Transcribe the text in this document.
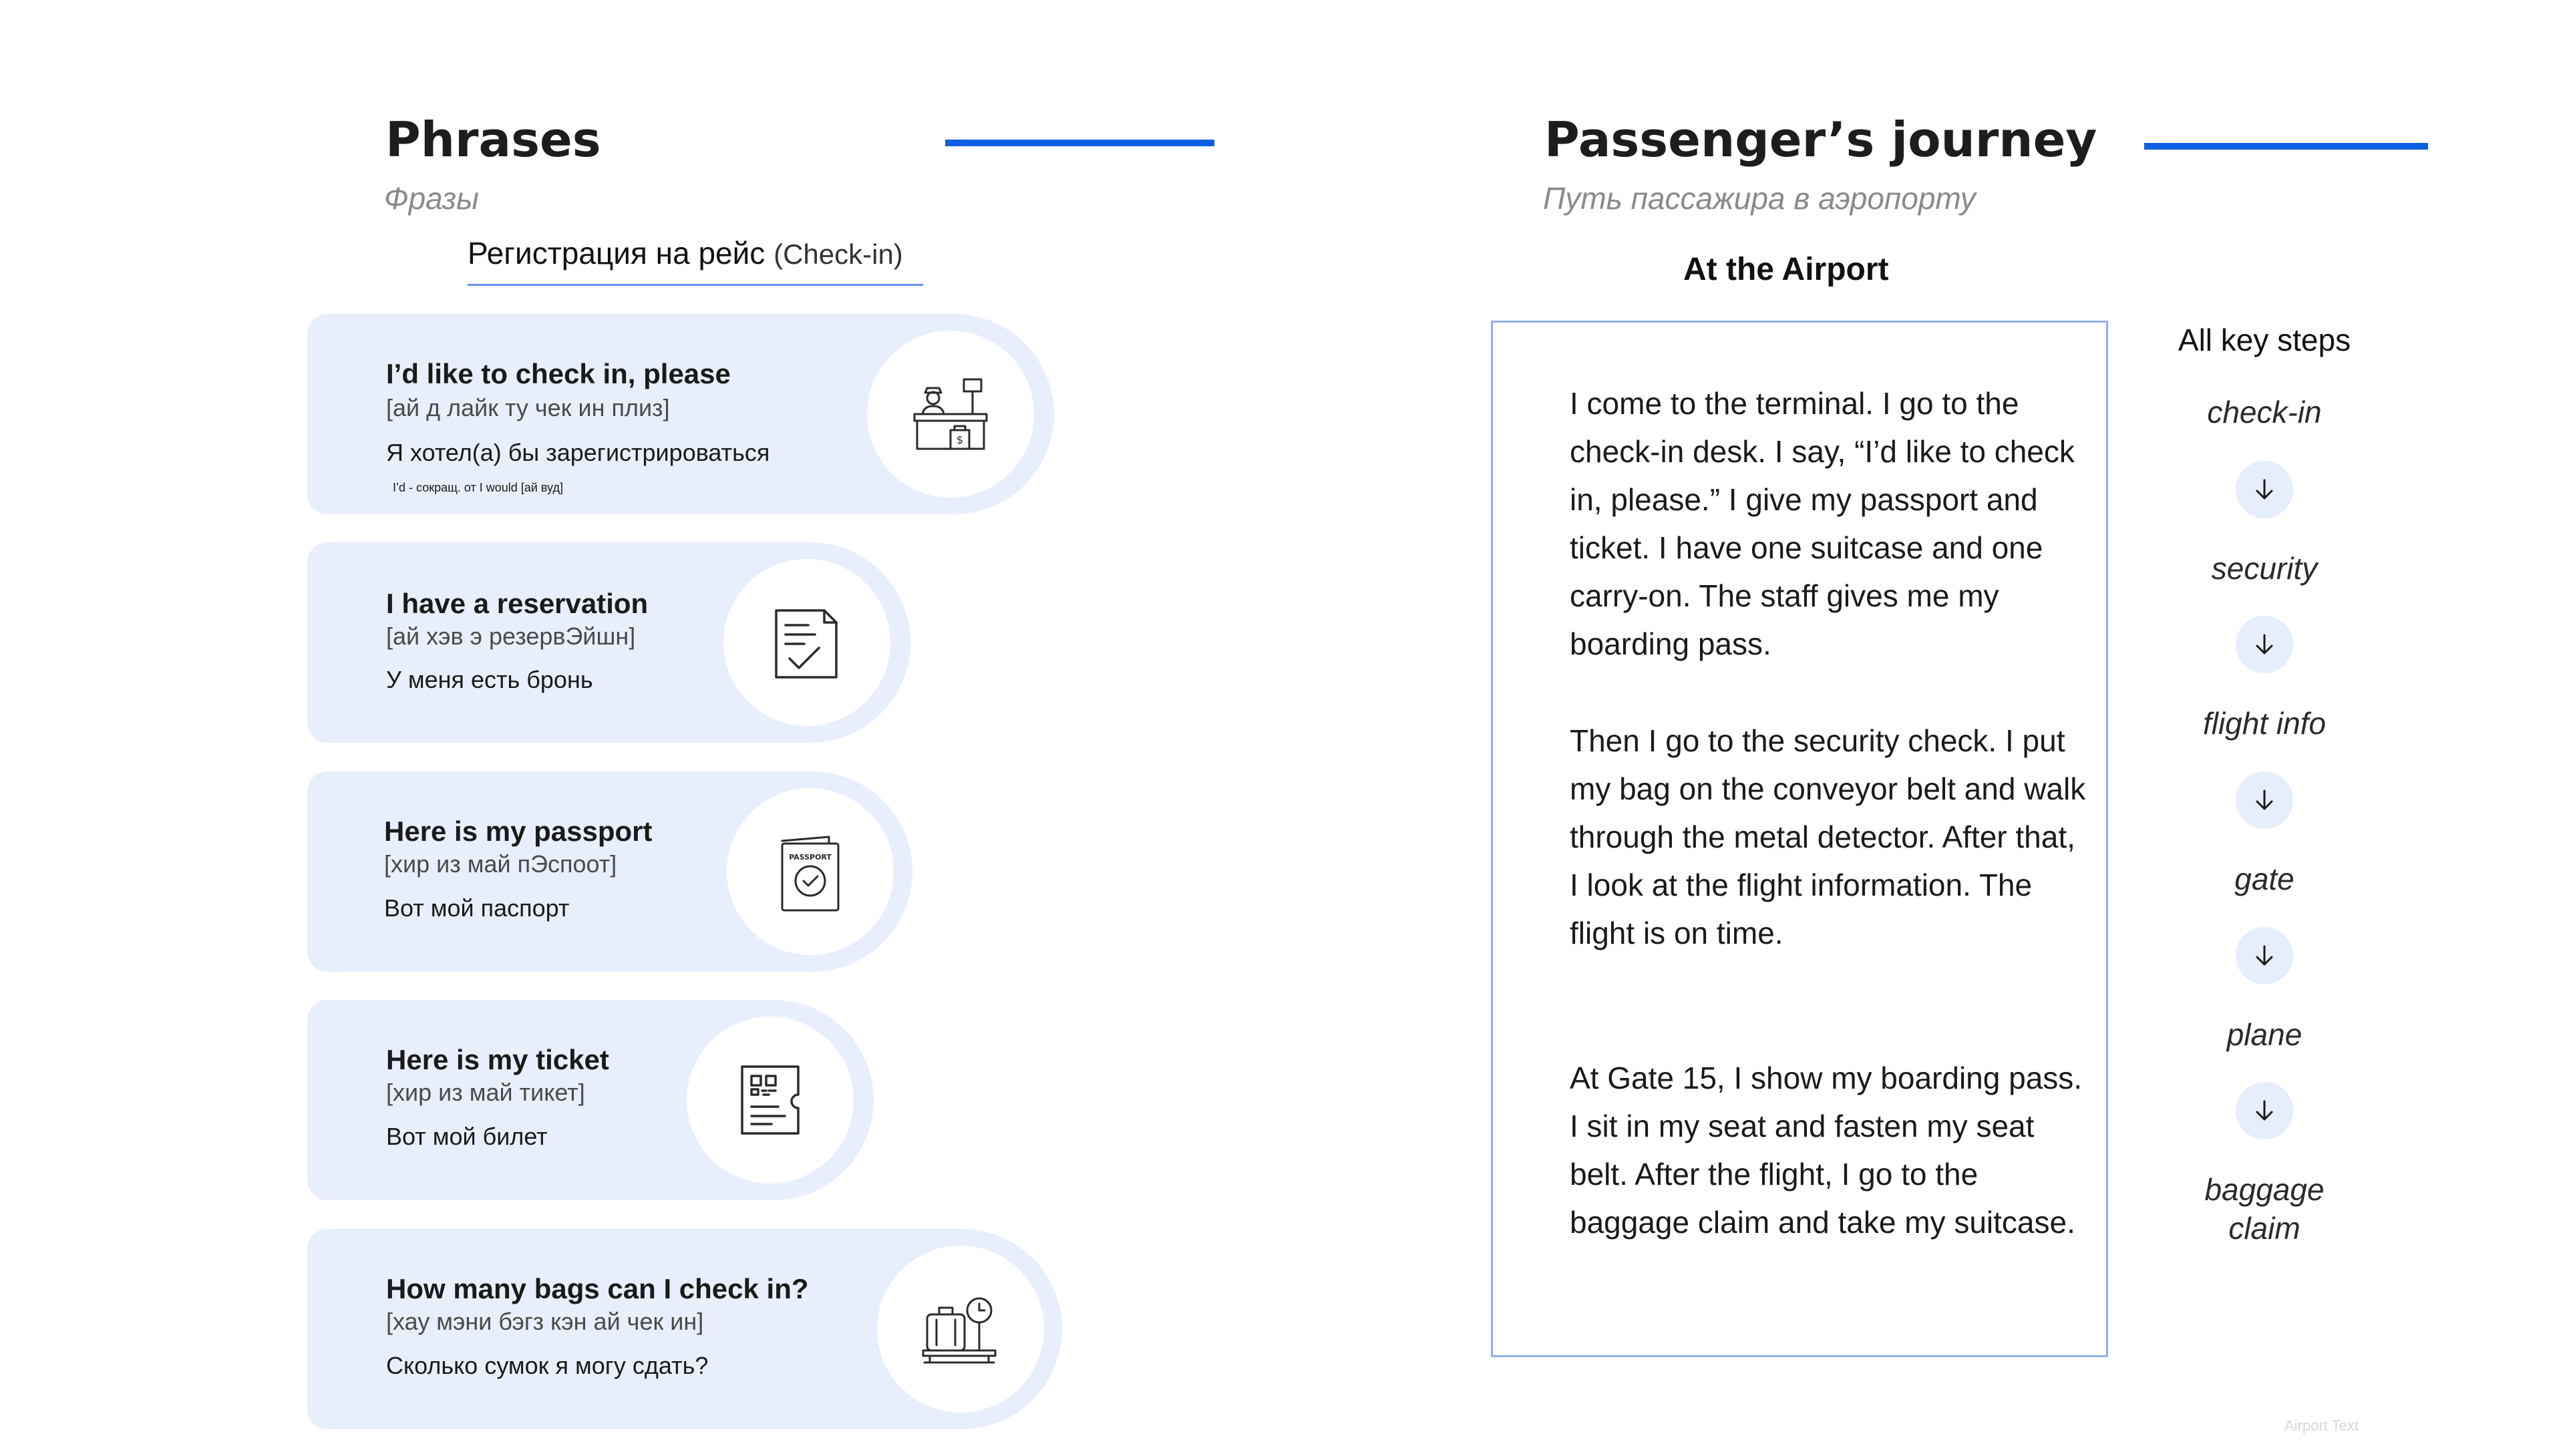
Phrases
Фразы
Регистрация на рейс (Check-in)
I’d like to check in, please
[ай д лайк ту чек ин плиз]
Я хотел(а) бы зарегистрироваться
I’d - сокращ. от I would [ай вуд]
$
I have a reservation
[ай хэв э резервЭйшн]
У меня есть бронь
Here is my passport
[хир из май пЭспоот]
Вот мой паспорт
PASSPORT
Here is my ticket
[хир из май тикет]
Вот мой билет
How many bags can I check in?
[хау мэни бэгз кэн ай чек ин]
Сколько сумок я могу сдать?
Passenger’s journey
Путь пассажира в аэропорту
At the Airport

I come to the terminal. I go to the check-in desk. I say, “I’d like to check in, please.” I give my passport and ticket. I have one suitcase and one carry-on. The staff gives me my boarding pass.

Then I go to the security check. I put my bag on the conveyor belt and walk through the metal detector. After that, I look at the flight information. The flight is on time.

At Gate 15, I show my boarding pass. I sit in my seat and fasten my seat belt. After the flight, I go to the baggage claim and take my suitcase.

All key steps
check-in
security
flight info
gate
plane
baggage claim
Airport Text
